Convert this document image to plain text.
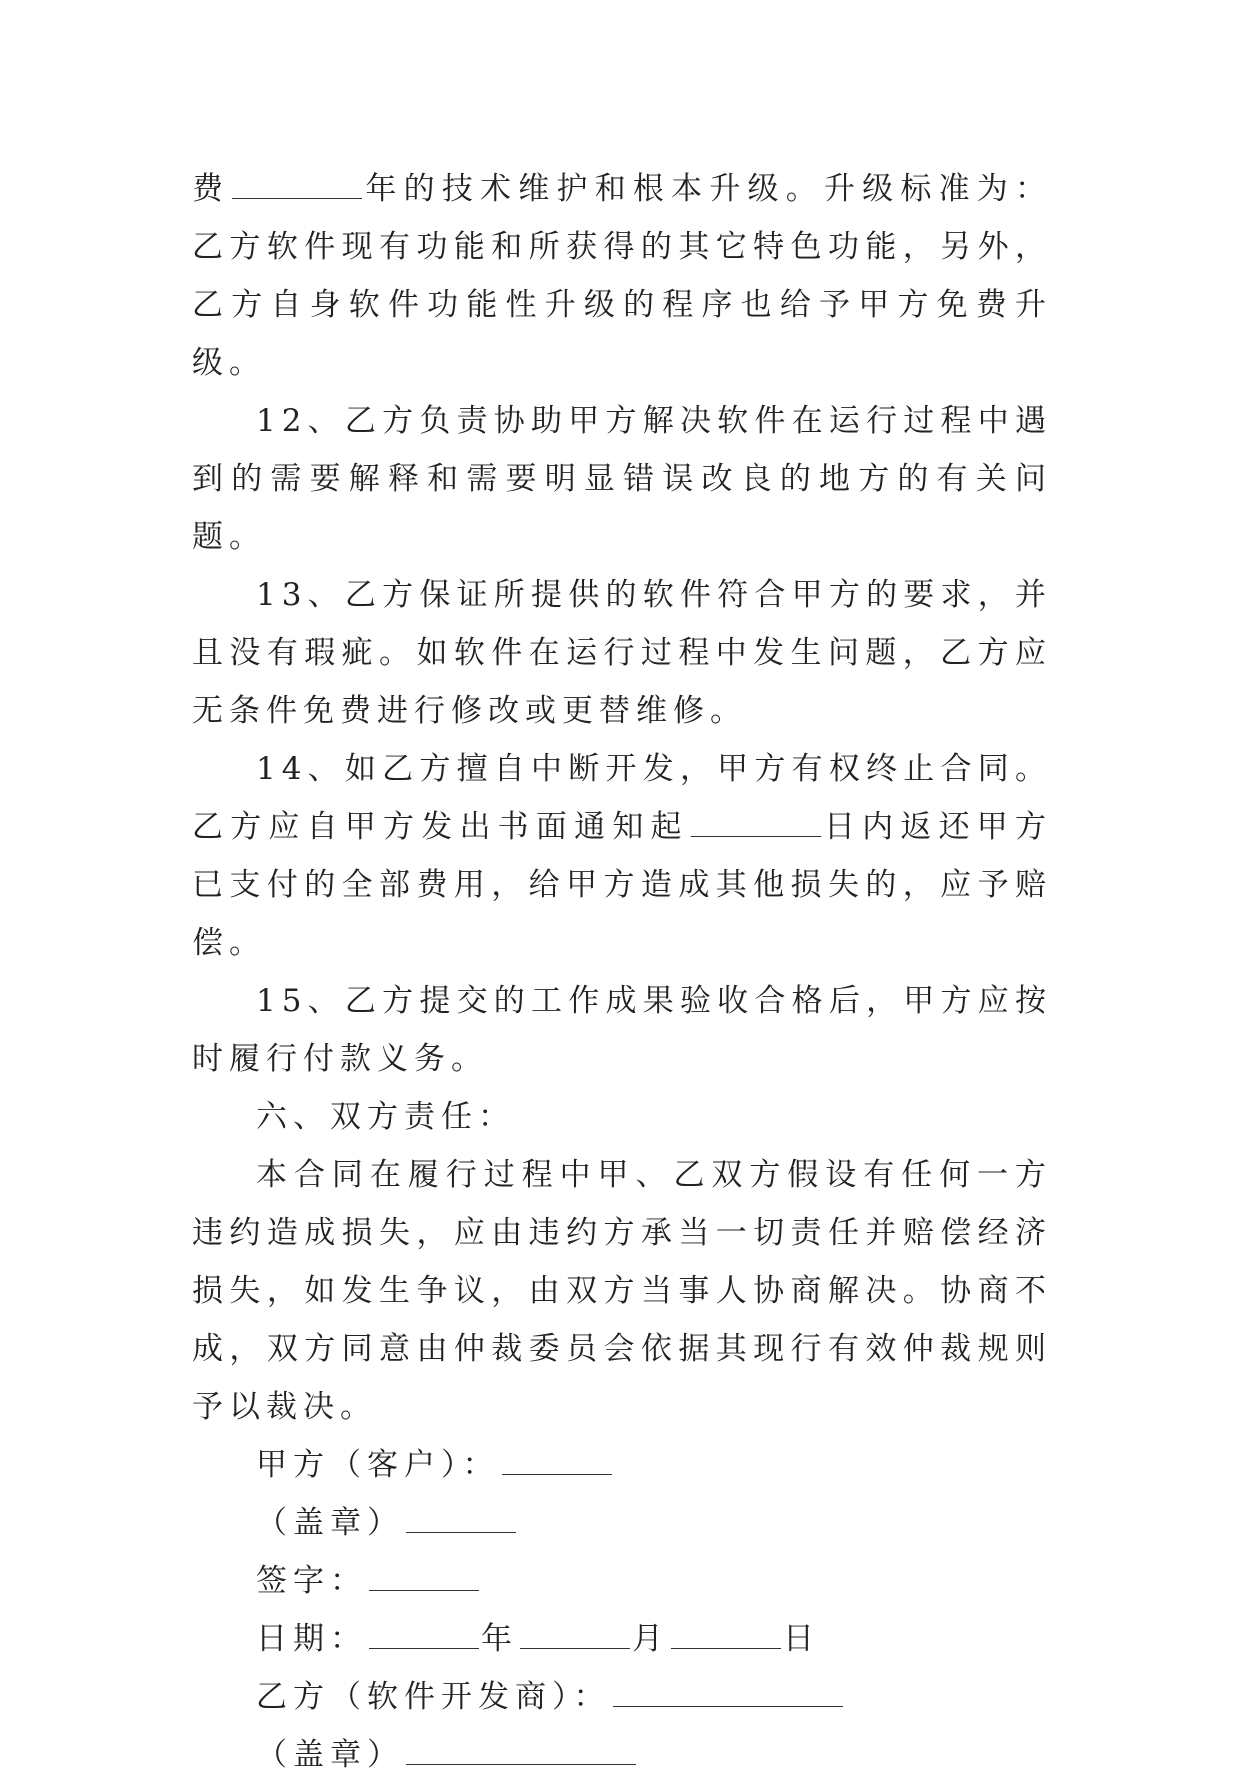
费	年的技术维护和根本升级。升级标准为：乙方软件现有功能和所获得的其它特色功能，另外，乙方自身软件功能性升级的程序也给予甲方免费升级。

12、乙方负责协助甲方解决软件在运行过程中遇到的需要解释和需要明显错误改良的地方的有关问题。

13、乙方保证所提供的软件符合甲方的要求，并且没有瑕疵。如软件在运行过程中发生问题，乙方应无条件免费进行修改或更替维修。

14、如乙方擅自中断开发，甲方有权终止合同。乙方应自甲方发出书面通知起	日内返还甲方已支付的全部费用，给甲方造成其他损失的，应予赔偿。

15、乙方提交的工作成果验收合格后，甲方应按时履行付款义务。

六、双方责任：

本合同在履行过程中甲、乙双方假设有任何一方违约造成损失，应由违约方承当一切责任并赔偿经济损失，如发生争议，由双方当事人协商解决。协商不成，双方同意由仲裁委员会依据其现行有效仲裁规则予以裁决。

甲方（客户）：

（盖章）

签字：

日期：	年	月	日

乙方（软件开发商）：

（盖章）
